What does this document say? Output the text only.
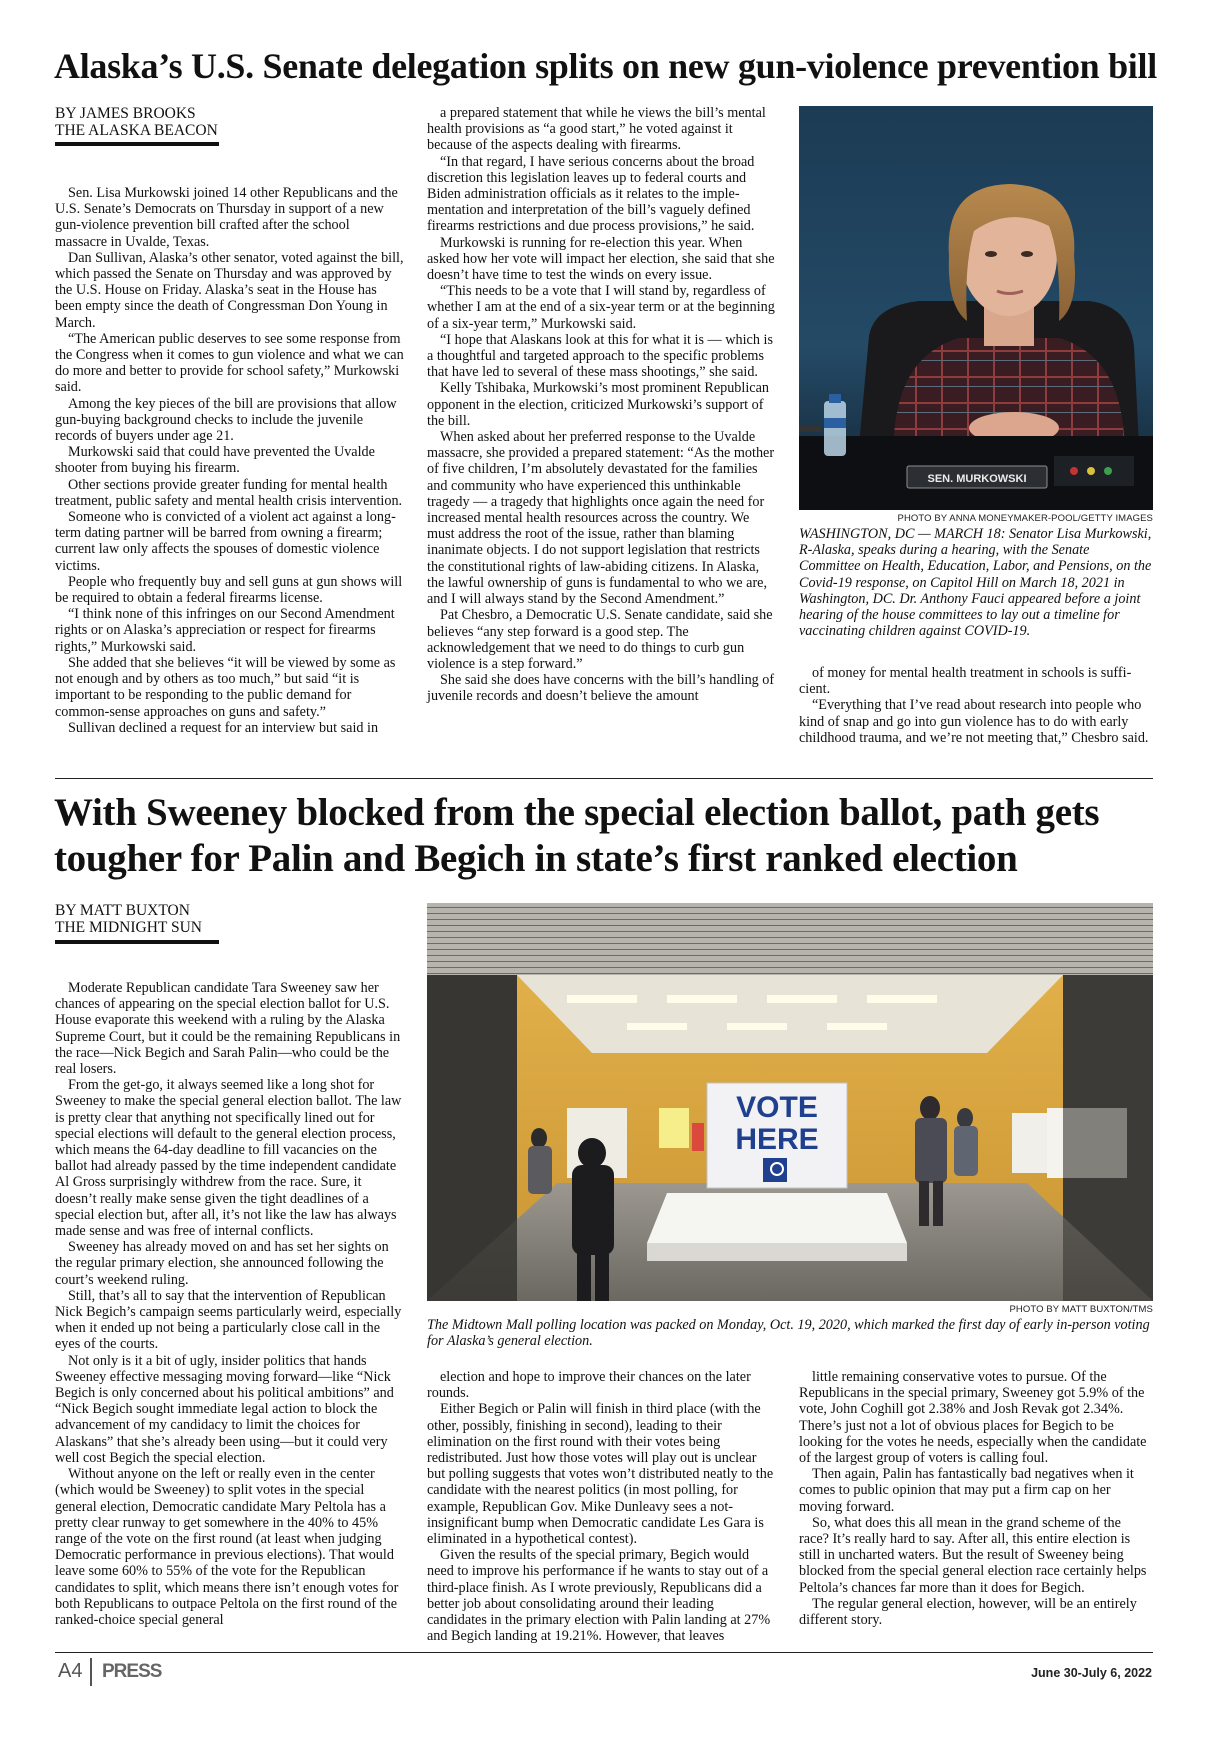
Alaska’s U.S. Senate delegation splits on new gun-violence prevention bill
BY JAMES BROOKS
THE ALASKA BEACON

Sen. Lisa Murkowski joined 14 other Republicans and the U.S. Senate’s Democrats on Thursday in support of a new gun-violence prevention bill crafted after the school massacre in Uvalde, Texas.

Dan Sullivan, Alaska’s other senator, voted against the bill, which passed the Senate on Thursday and was approved by the U.S. House on Friday. Alaska’s seat in the House has been empty since the death of Congressman Don Young in March.

“The American public deserves to see some response from the Congress when it comes to gun violence and what we can do more and better to provide for school safety,” Murkowski said.

Among the key pieces of the bill are provisions that allow gun-buying background checks to include the juvenile records of buyers under age 21.

Murkowski said that could have prevented the Uvalde shooter from buying his firearm.

Other sections provide greater funding for mental health treatment, public safety and mental health crisis intervention.

Someone who is convicted of a violent act against a long-term dating partner will be barred from owning a firearm; current law only affects the spouses of domestic violence victims.

People who frequently buy and sell guns at gun shows will be required to obtain a federal firearms license.

“I think none of this infringes on our Second Amendment rights or on Alaska’s appreciation or respect for firearms rights,” Murkowski said.

She added that she believes “it will be viewed by some as not enough and by others as too much,” but said “it is important to be responding to the public demand for common-sense approaches on guns and safety.”

Sullivan declined a request for an interview but said in

a prepared statement that while he views the bill’s mental health provisions as “a good start,” he voted against it because of the aspects dealing with firearms.

“In that regard, I have serious concerns about the broad discretion this legislation leaves up to federal courts and Biden administration officials as it relates to the implementation and interpretation of the bill’s vaguely defined firearms restrictions and due process provisions,” he said.

Murkowski is running for re-election this year. When asked how her vote will impact her election, she said that she doesn’t have time to test the winds on every issue.

“This needs to be a vote that I will stand by, regardless of whether I am at the end of a six-year term or at the beginning of a six-year term,” Murkowski said.

“I hope that Alaskans look at this for what it is — which is a thoughtful and targeted approach to the specific problems that have led to several of these mass shootings,” she said.

Kelly Tshibaka, Murkowski’s most prominent Republican opponent in the election, criticized Murkowski’s support of the bill.

When asked about her preferred response to the Uvalde massacre, she provided a prepared statement: “As the mother of five children, I’m absolutely devastated for the families and community who have experienced this unthinkable tragedy — a tragedy that highlights once again the need for increased mental health resources across the country. We must address the root of the issue, rather than blaming inanimate objects. I do not support legislation that restricts the constitutional rights of law-abiding citizens. In Alaska, the lawful ownership of guns is fundamental to who we are, and I will always stand by the Second Amendment.”

Pat Chesbro, a Democratic U.S. Senate candidate, said she believes “any step forward is a good step. The acknowledgement that we need to do things to curb gun violence is a step forward.”

She said she does have concerns with the bill’s handling of juvenile records and doesn’t believe the amount

SEN. MURKOWSKI
PHOTO BY ANNA MONEYMAKER-POOL/GETTY IMAGES
WASHINGTON, DC — MARCH 18: Senator Lisa Murkowski, R-Alaska, speaks during a hearing, with the Senate Committee on Health, Education, Labor, and Pensions, on the Covid-19 response, on Capitol Hill on March 18, 2021 in Washington, DC. Dr. Anthony Fauci appeared before a joint hearing of the house committees to lay out a timeline for vaccinating children against COVID-19.

of money for mental health treatment in schools is sufficient.

“Everything that I’ve read about research into people who kind of snap and go into gun violence has to do with early childhood trauma, and we’re not meeting that,” Chesbro said.

With Sweeney blocked from the special election ballot, path gets tougher for Palin and Begich in state’s first ranked election
BY MATT BUXTON
THE MIDNIGHT SUN

Moderate Republican candidate Tara Sweeney saw her chances of appearing on the special election ballot for U.S. House evaporate this weekend with a ruling by the Alaska Supreme Court, but it could be the remaining Republicans in the race—Nick Begich and Sarah Palin—who could be the real losers.

From the get-go, it always seemed like a long shot for Sweeney to make the special general election ballot. The law is pretty clear that anything not specifically lined out for special elections will default to the general election process, which means the 64-day deadline to fill vacancies on the ballot had already passed by the time independent candidate Al Gross surprisingly withdrew from the race. Sure, it doesn’t really make sense given the tight deadlines of a special election but, after all, it’s not like the law has always made sense and was free of internal conflicts.

Sweeney has already moved on and has set her sights on the regular primary election, she announced following the court’s weekend ruling.

Still, that’s all to say that the intervention of Republican Nick Begich’s campaign seems particularly weird, especially when it ended up not being a particularly close call in the eyes of the courts.

Not only is it a bit of ugly, insider politics that hands Sweeney effective messaging moving forward—like “Nick Begich is only concerned about his political ambitions” and “Nick Begich sought immediate legal action to block the advancement of my candidacy to limit the choices for Alaskans” that she’s already been using—but it could very well cost Begich the special election.

Without anyone on the left or really even in the center (which would be Sweeney) to split votes in the special general election, Democratic candidate Mary Peltola has a pretty clear runway to get somewhere in the 40% to 45% range of the vote on the first round (at least when judging Democratic performance in previous elections). That would leave some 60% to 55% of the vote for the Republican candidates to split, which means there isn’t enough votes for both Republicans to outpace Peltola on the first round of the ranked-choice special general

VOTE
HERE
PHOTO BY MATT BUXTON/TMS
The Midtown Mall polling location was packed on Monday, Oct. 19, 2020, which marked the first day of early in-person voting for Alaska’s general election.

election and hope to improve their chances on the later rounds.

Either Begich or Palin will finish in third place (with the other, possibly, finishing in second), leading to their elimination on the first round with their votes being redistributed. Just how those votes will play out is unclear but polling suggests that votes won’t distributed neatly to the candidate with the nearest politics (in most polling, for example, Republican Gov. Mike Dunleavy sees a not-insignificant bump when Democratic candidate Les Gara is eliminated in a hypothetical contest).

Given the results of the special primary, Begich would need to improve his performance if he wants to stay out of a third-place finish. As I wrote previously, Republicans did a better job about consolidating around their leading candidates in the primary election with Palin landing at 27% and Begich landing at 19.21%. However, that leaves

little remaining conservative votes to pursue. Of the Republicans in the special primary, Sweeney got 5.9% of the vote, John Coghill got 2.38% and Josh Revak got 2.34%. There’s just not a lot of obvious places for Begich to be looking for the votes he needs, especially when the candidate of the largest group of voters is calling foul.

Then again, Palin has fantastically bad negatives when it comes to public opinion that may put a firm cap on her moving forward.

So, what does this all mean in the grand scheme of the race? It’s really hard to say. After all, this entire election is still in uncharted waters. But the result of Sweeney being blocked from the special general election race certainly helps Peltola’s chances far more than it does for Begich.

The regular general election, however, will be an entirely different story.

A4 PRESS	June 30-July 6, 2022
